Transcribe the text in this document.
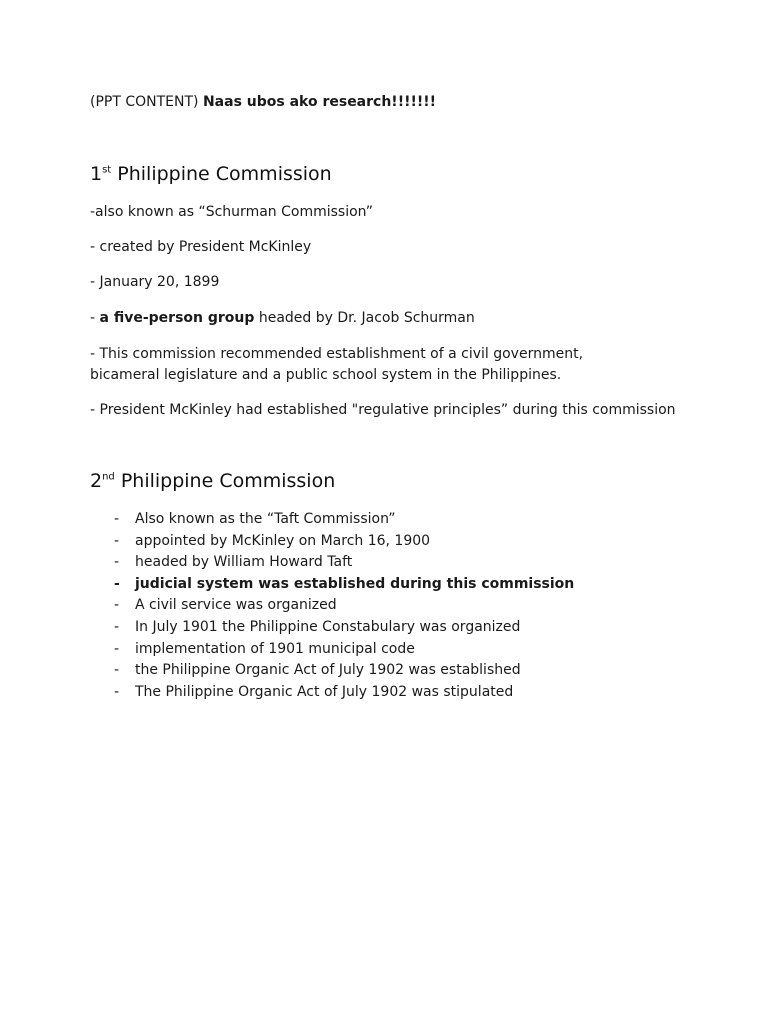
(PPT CONTENT) Naas ubos ako research!!!!!!!
1st Philippine Commission
-also known as “Schurman Commission”
- created by President McKinley
- January 20, 1899
- a five-person group headed by Dr. Jacob Schurman
- This commission recommended establishment of a civil government, bicameral legislature and a public school system in the Philippines.
- President McKinley had established "regulative principles” during this commission
2nd Philippine Commission
- Also known as the “Taft Commission”
- appointed by McKinley on March 16, 1900
- headed by William Howard Taft
- judicial system was established during this commission
- A civil service was organized
- In July 1901 the Philippine Constabulary was organized
- implementation of 1901 municipal code
- the Philippine Organic Act of July 1902 was established
- The Philippine Organic Act of July 1902 was stipulated
